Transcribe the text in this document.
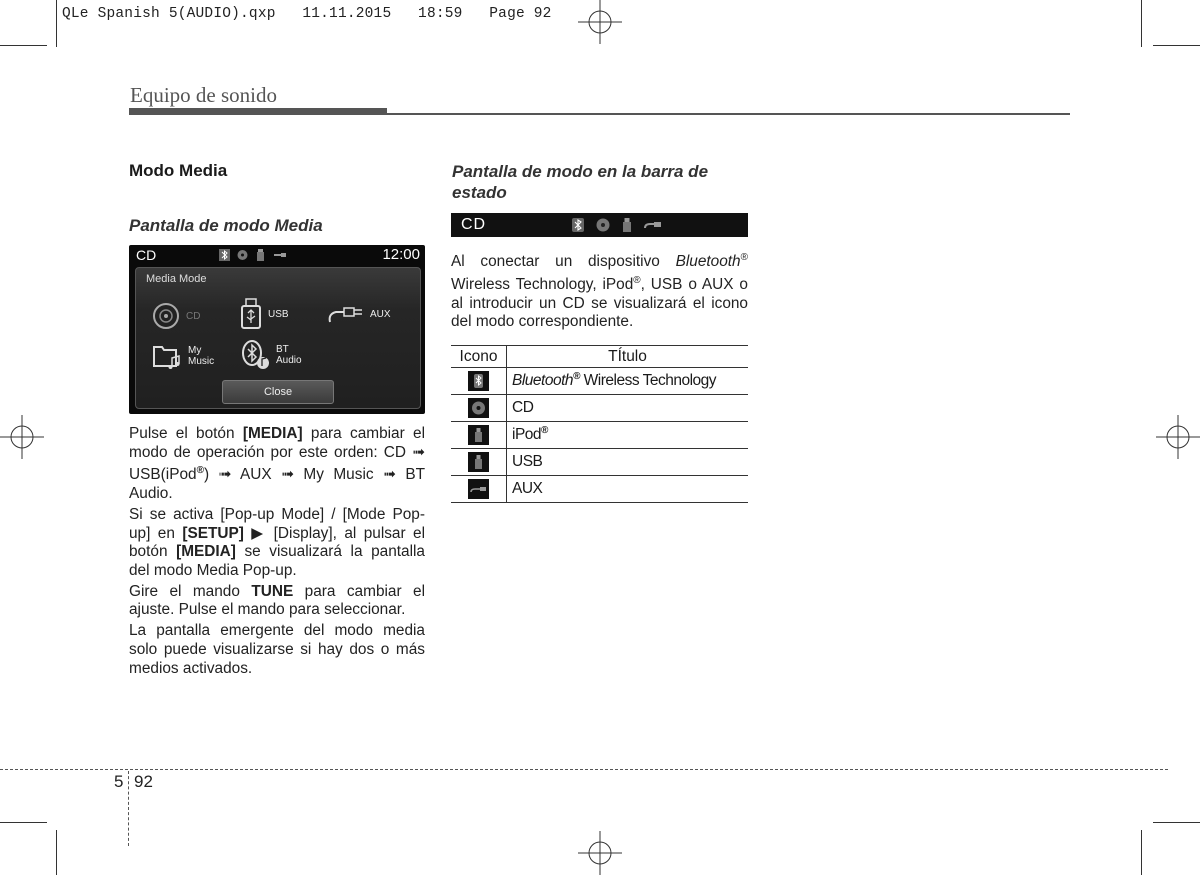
QLe Spanish 5(AUDIO).qxp   11.11.2015   18:59   Page 92
Equipo de sonido
Modo Media
Pantalla de modo Media
CD	12:00
Media Mode
CD	USB	AUX
My
Music
BT
Audio
Close

Pulse el botón [MEDIA] para cambiar el modo de operación por este orden: CD ➟ USB(iPod®) ➟ AUX ➟ My Music ➟ BT Audio.

Si se activa [Pop-up Mode] / [Mode Pop-up] en [SETUP] ▶ [Display], al pulsar el botón [MEDIA] se visualizará la pantalla del modo Media Pop-up.

Gire el mando TUNE para cambiar el ajuste. Pulse el mando para seleccionar.

La pantalla emergente del modo media solo puede visualizarse si hay dos o más medios activados.

Pantalla de modo en la barra de
estado
CD

Al conectar un dispositivo Bluetooth® Wireless Technology, iPod®, USB o AUX o al introducir un CD se visualizará el icono del modo correspondiente.

Icono	TÍtulo
	Bluetooth® Wireless Technology
	CD
	iPod®
	USB
	AUX
5 92
